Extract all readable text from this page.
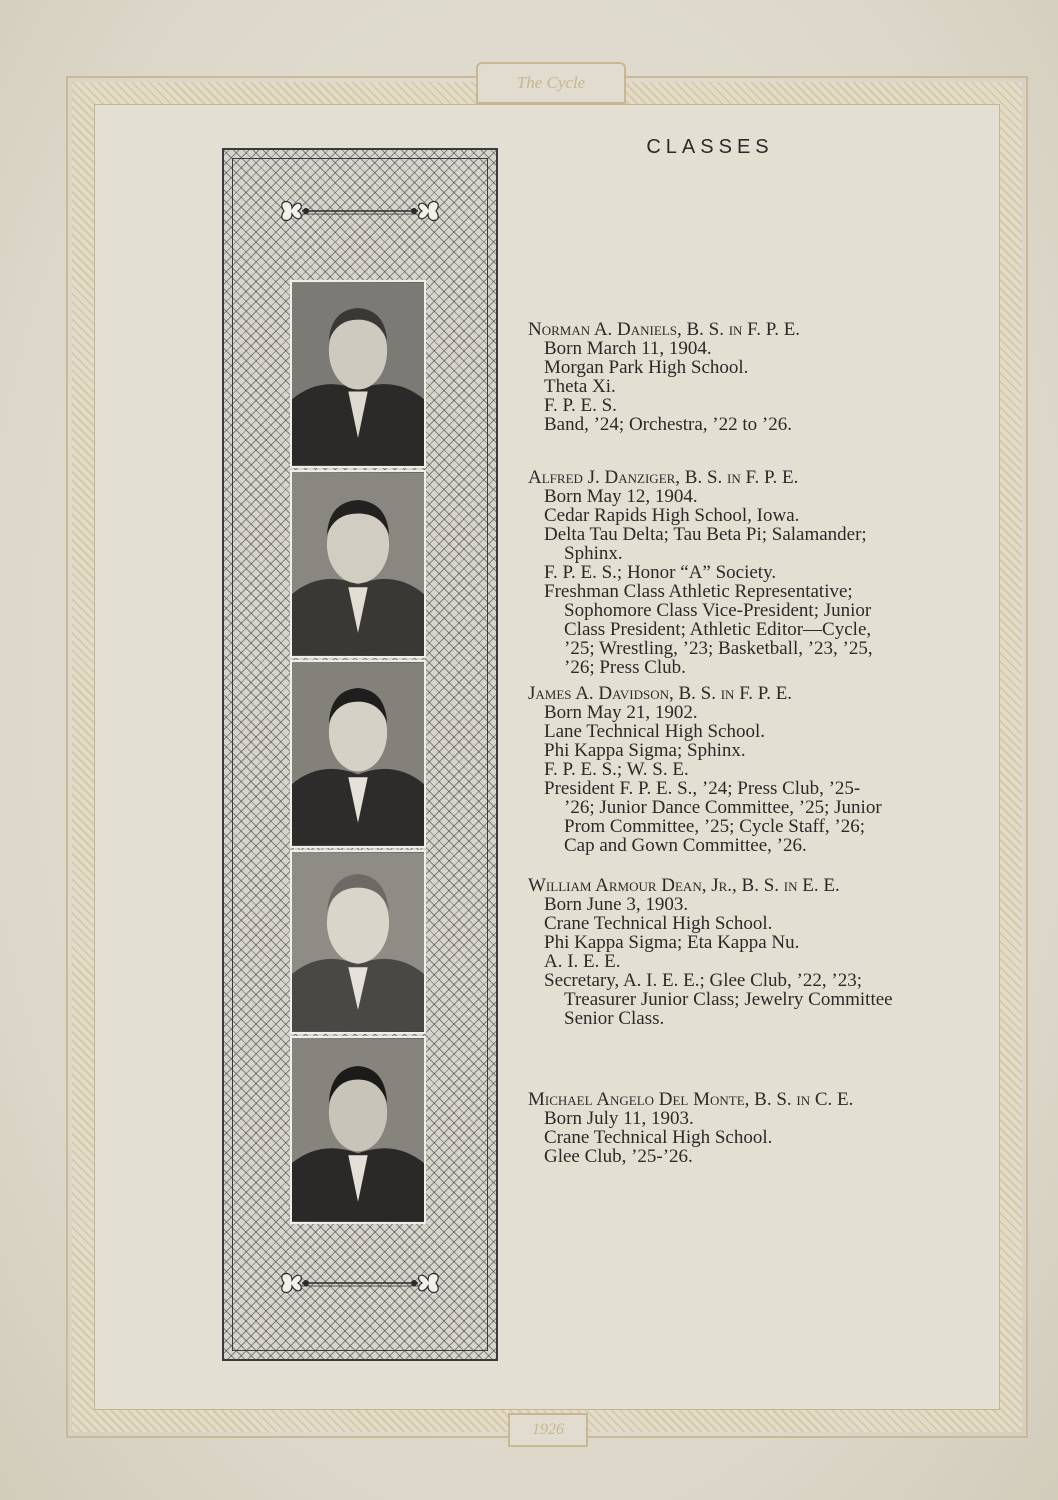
The Cycle
1926
CLASSES
Norman A. Daniels, B. S. in F. P. E.
Born March 11, 1904.
Morgan Park High School.
Theta Xi.
F. P. E. S.
Band, ’24; Orchestra, ’22 to ’26.
Alfred J. Danziger, B. S. in F. P. E.
Born May 12, 1904.
Cedar Rapids High School, Iowa.
Delta Tau Delta; Tau Beta Pi; Salamander;
Sphinx.
F. P. E. S.; Honor “A” Society.
Freshman Class Athletic Representative;
Sophomore Class Vice-President; Junior
Class President; Athletic Editor—Cycle,
’25; Wrestling, ’23; Basketball, ’23, ’25,
’26; Press Club.
James A. Davidson, B. S. in F. P. E.
Born May 21, 1902.
Lane Technical High School.
Phi Kappa Sigma; Sphinx.
F. P. E. S.; W. S. E.
President F. P. E. S., ’24; Press Club, ’25-
’26; Junior Dance Committee, ’25; Junior
Prom Committee, ’25; Cycle Staff, ’26;
Cap and Gown Committee, ’26.
William Armour Dean, Jr., B. S. in E. E.
Born June 3, 1903.
Crane Technical High School.
Phi Kappa Sigma; Eta Kappa Nu.
A. I. E. E.
Secretary, A. I. E. E.; Glee Club, ’22, ’23;
Treasurer Junior Class; Jewelry Committee
Senior Class.
Michael Angelo Del Monte, B. S. in C. E.
Born July 11, 1903.
Crane Technical High School.
Glee Club, ’25-’26.
